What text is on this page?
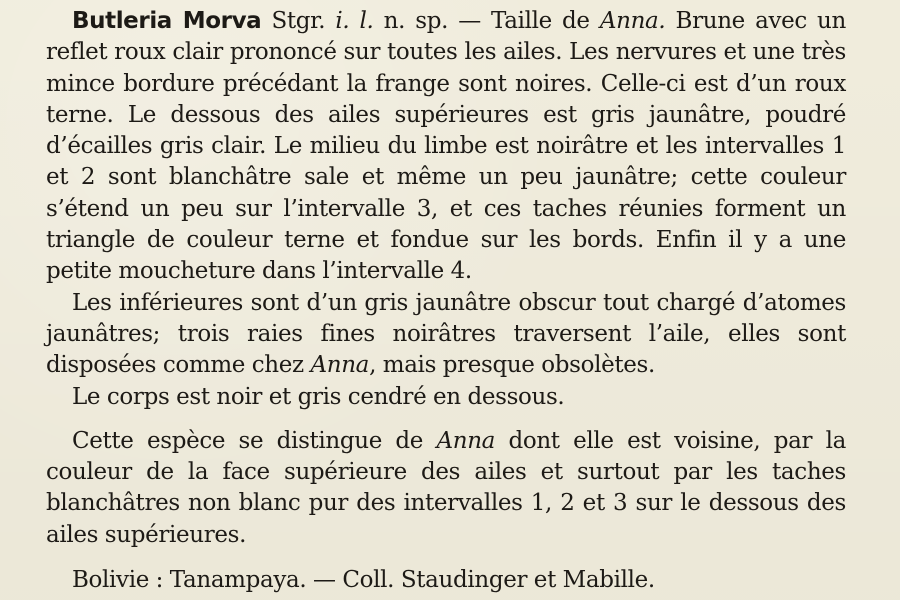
Butleria Morva Stgr. i. l. n. sp. — Taille de Anna. Brune avec un reflet roux clair prononcé sur toutes les ailes. Les nervures et une très mince bordure précédant la frange sont noires. Celle-ci est d’un roux terne. Le dessous des ailes supérieures est gris jaunâtre, poudré d’écailles gris clair. Le milieu du limbe est noirâtre et les intervalles 1 et 2 sont blanchâtre sale et même un peu jaunâtre; cette couleur s’étend un peu sur l’intervalle 3, et ces taches réunies forment un triangle de couleur terne et fondue sur les bords. Enfin il y a une petite moucheture dans l’intervalle 4.

Les inférieures sont d’un gris jaunâtre obscur tout chargé d’atomes jaunâtres; trois raies fines noirâtres traversent l’aile, elles sont disposées comme chez Anna, mais presque obsolètes.

Le corps est noir et gris cendré en dessous.

Cette espèce se distingue de Anna dont elle est voisine, par la couleur de la face supérieure des ailes et surtout par les taches blanchâtres non blanc pur des intervalles 1, 2 et 3 sur le dessous des ailes supérieures.

Bolivie : Tanampaya. — Coll. Staudinger et Mabille.
